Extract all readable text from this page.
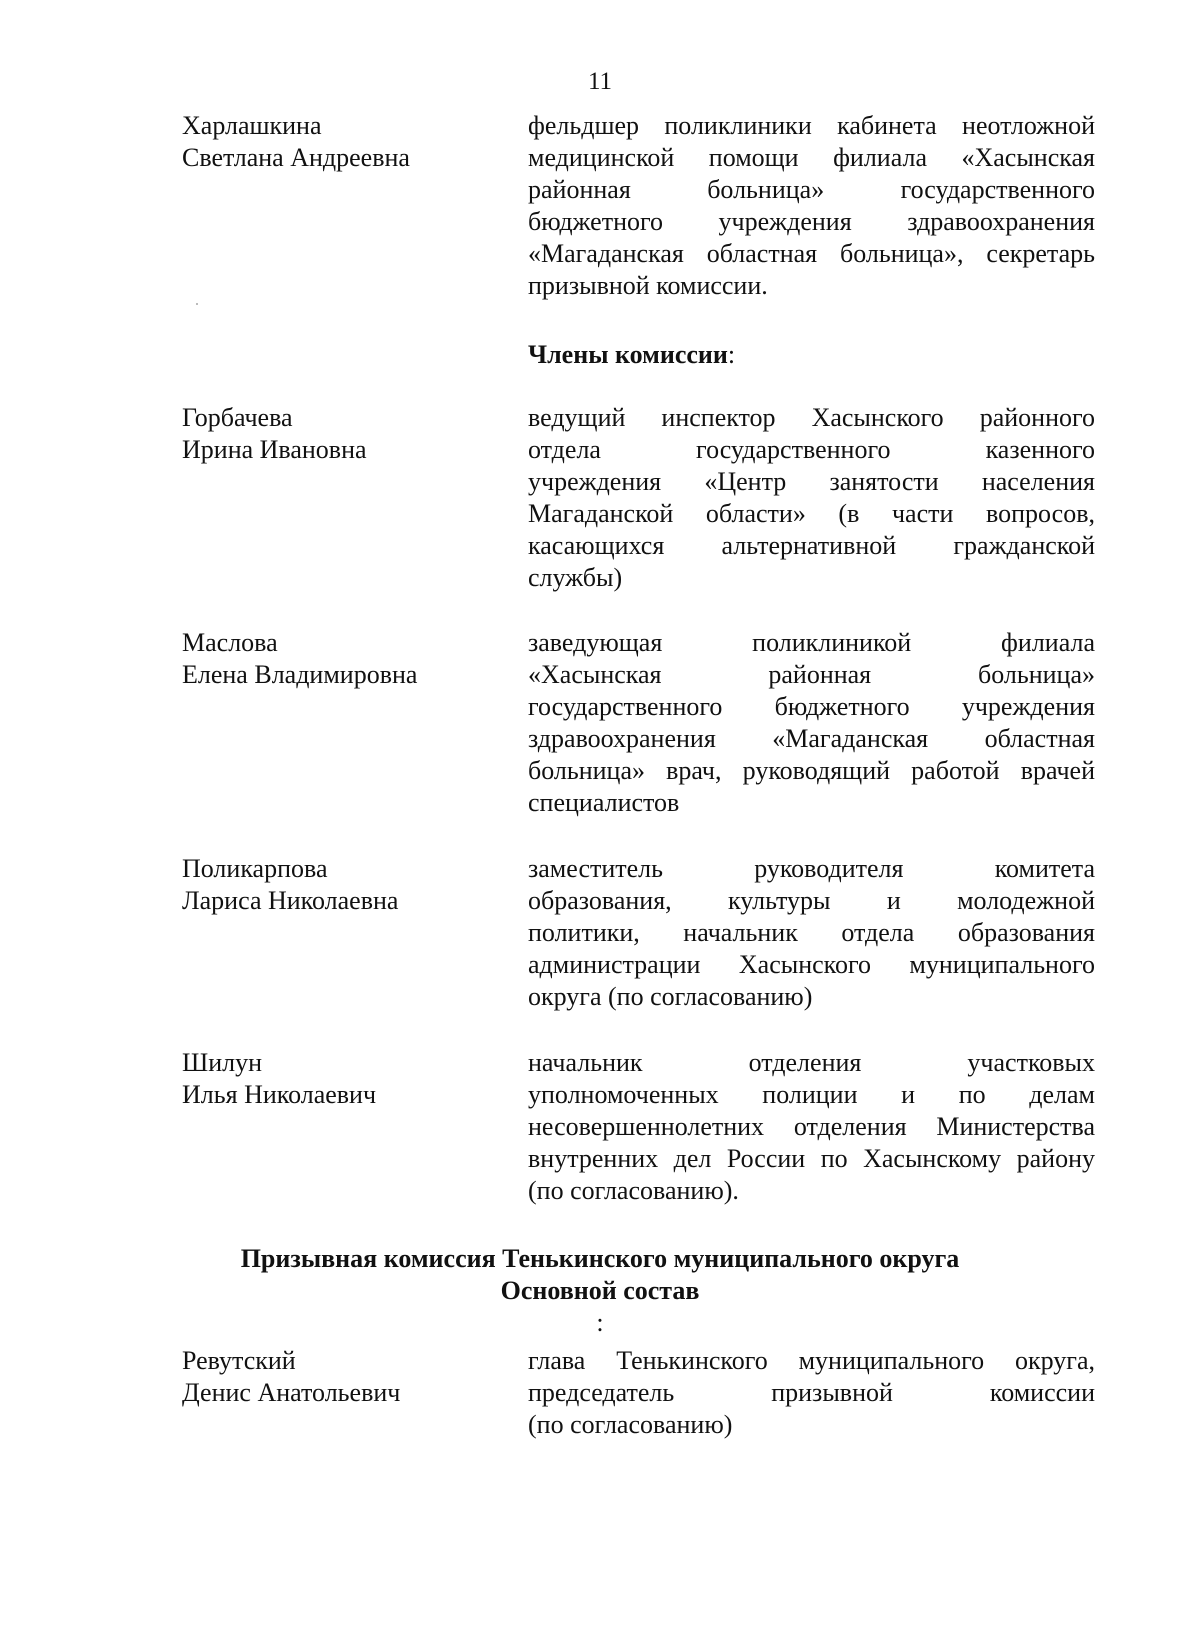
11
Харлашкина
Светлана Андреевна
фельдшер поликлиники кабинета неотложной
медицинской помощи филиала «Хасынская
районная больница» государственного
бюджетного учреждения здравоохранения
«Магаданская областная больница», секретарь
призывной комиссии.
Члены комиссии:
Горбачева
Ирина Ивановна
ведущий инспектор Хасынского районного
отдела государственного казенного
учреждения «Центр занятости населения
Магаданской области» (в части вопросов,
касающихся альтернативной гражданской
службы)
Маслова
Елена Владимировна
заведующая поликлиникой филиала
«Хасынская районная больница»
государственного бюджетного учреждения
здравоохранения «Магаданская областная
больница» врач, руководящий работой врачей
специалистов
Поликарпова
Лариса Николаевна
заместитель руководителя комитета
образования, культуры и молодежной
политики, начальник отдела образования
администрации Хасынского муниципального
округа (по согласованию)
Шилун
Илья Николаевич
начальник отделения участковых
уполномоченных полиции и по делам
несовершеннолетних отделения Министерства
внутренних дел России по Хасынскому району
(по согласованию).
Призывная комиссия Тенькинского муниципального округа
Основной состав
:
Ревутский
Денис Анатольевич
глава Тенькинского муниципального округа,
председатель призывной комиссии
(по согласованию)
